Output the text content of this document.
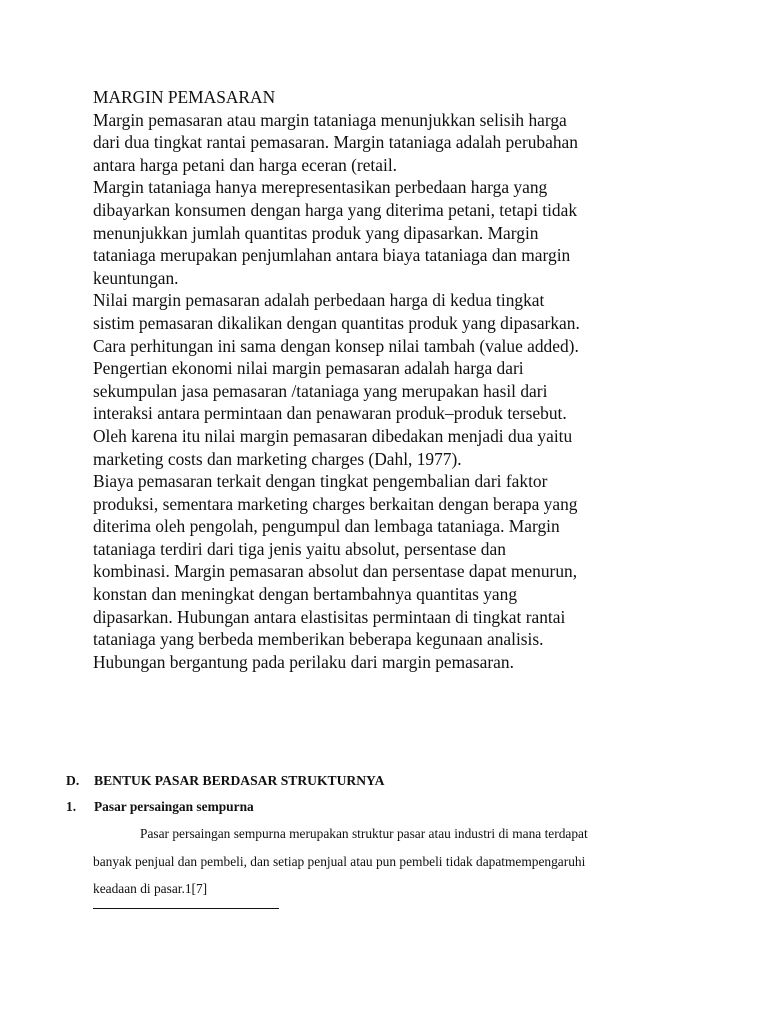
MARGIN PEMASARAN
Margin pemasaran atau margin tataniaga menunjukkan selisih harga
dari dua tingkat rantai pemasaran. Margin tataniaga adalah perubahan
antara harga petani dan harga eceran (retail.
Margin tataniaga hanya merepresentasikan perbedaan harga yang
dibayarkan konsumen dengan harga yang diterima petani, tetapi tidak
menunjukkan jumlah quantitas produk yang dipasarkan. Margin
tataniaga merupakan penjumlahan antara biaya tataniaga dan margin
keuntungan.
Nilai margin pemasaran adalah perbedaan harga di kedua tingkat
sistim pemasaran dikalikan dengan quantitas produk yang dipasarkan.
Cara perhitungan ini sama dengan konsep nilai tambah (value added).
Pengertian ekonomi nilai margin pemasaran adalah harga dari
sekumpulan jasa pemasaran /tataniaga yang merupakan hasil dari
interaksi antara permintaan dan penawaran produk–produk tersebut.
Oleh karena itu nilai margin pemasaran dibedakan menjadi dua yaitu
marketing costs dan marketing charges (Dahl, 1977).
Biaya pemasaran terkait dengan tingkat pengembalian dari faktor
produksi, sementara marketing charges berkaitan dengan berapa yang
diterima oleh pengolah, pengumpul dan lembaga tataniaga. Margin
tataniaga terdiri dari tiga jenis yaitu absolut, persentase dan
kombinasi. Margin pemasaran absolut dan persentase dapat menurun,
konstan dan meningkat dengan bertambahnya quantitas yang
dipasarkan. Hubungan antara elastisitas permintaan di tingkat rantai
tataniaga yang berbeda memberikan beberapa kegunaan analisis.
Hubungan bergantung pada perilaku dari margin pemasaran.
D. BENTUK PASAR BERDASAR STRUKTURNYA
1. Pasar persaingan sempurna
Pasar persaingan sempurna merupakan struktur pasar atau industri di mana terdapat
banyak penjual dan pembeli, dan setiap penjual atau pun pembeli tidak dapatmempengaruhi
keadaan di pasar.1[7]
